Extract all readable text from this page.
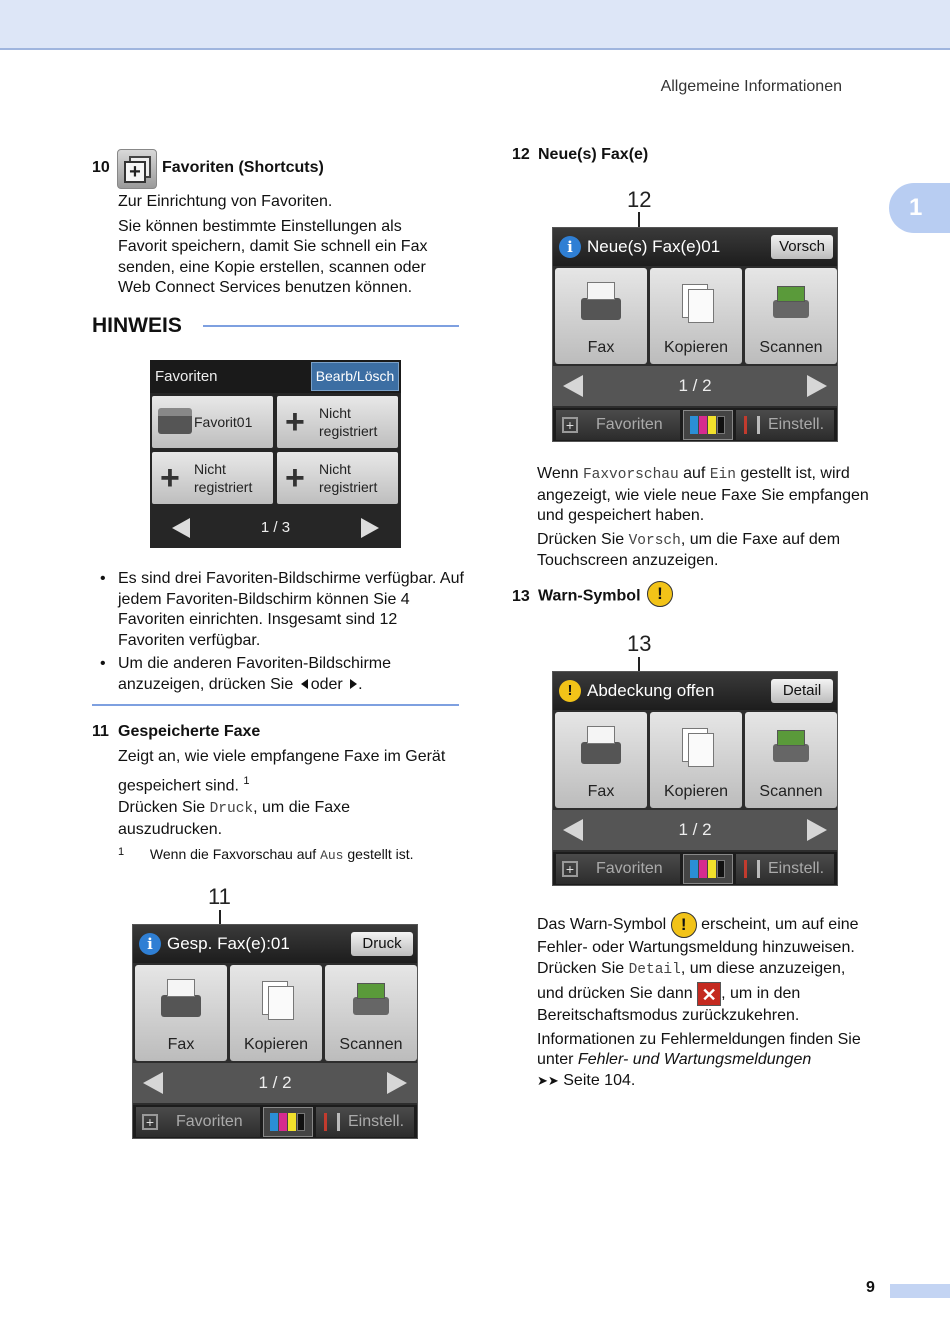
Allgemeine Informationen
1
9
10 +	Favoriten (Shortcuts)
Zur Einrichtung von Favoriten.
Sie können bestimmte Einstellungen als
Favorit speichern, damit Sie schnell ein Fax
senden, eine Kopie erstellen, scannen oder
Web Connect Services benutzen können.
HINWEIS
Favoriten	Bearb/Lösch
Favorit01 + Nicht
registriert
+ Nicht
registriert + Nicht
registriert
1 / 3
• Es sind drei Favoriten-Bildschirme verfügbar. Auf jedem Favoriten-Bildschirm können Sie 4 Favoriten einrichten. Insgesamt sind 12 Favoriten verfügbar.
• Um die anderen Favoriten-Bildschirme anzuzeigen, drücken Sie oder .
11 Gespeicherte Faxe
Zeigt an, wie viele empfangene Faxe im Gerät
gespeichert sind. $^1$
Drücken Sie Druck, um die Faxe
auszudrucken.
$^1$ Wenn die Faxvorschau auf Aus gestellt ist.
11
i Gesp. Fax(e):01	Druck
Fax	Kopieren	Scannen
1 / 2
+ Favoriten	Einstell.
12 Neue(s) Fax(e)
12
i Neue(s) Fax(e)01	Vorsch
Fax	Kopieren	Scannen
1 / 2
+ Favoriten	Einstell.
Wenn Faxvorschau auf Ein gestellt ist, wird
angezeigt, wie viele neue Faxe Sie empfangen
und gespeichert haben.
Drücken Sie Vorsch, um die Faxe auf dem
Touchscreen anzuzeigen.
13 Warn-Symbol !
13
! Abdeckung offen	Detail
Fax	Kopieren	Scannen
1 / 2
+ Favoriten	Einstell.
Das Warn-Symbol ! erscheint, um auf eine
Fehler- oder Wartungsmeldung hinzuweisen.
Drücken Sie Detail, um diese anzuzeigen,
und drücken Sie dann ✕ , um in den
Bereitschaftsmodus zurückzukehren.
Informationen zu Fehlermeldungen finden Sie
unter Fehler- und Wartungsmeldungen
➤➤ Seite 104.
